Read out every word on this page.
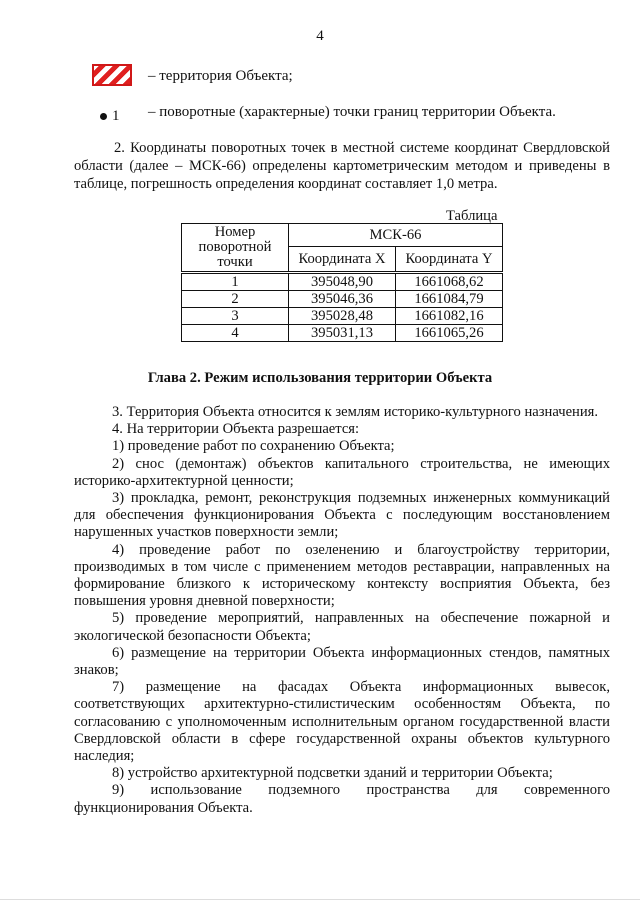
4
– территория Объекта;
1 – поворотные (характерные) точки границ территории Объекта.
2. Координаты поворотных точек в местной системе координат Свердловской области (далее – МСК-66) определены картометрическим методом и приведены в таблице, погрешность определения координат составляет 1,0 метра.
Таблица
Номер поворотной точки	МСК-66	
	Координата X	Координата Y
1	395048,90	1661068,62
2	395046,36	1661084,79
3	395028,48	1661082,16
4	395031,13	1661065,26
Глава 2. Режим использования территории Объекта

3. Территория Объекта относится к землям историко-культурного назначения.

4. На территории Объекта разрешается:

1) проведение работ по сохранению Объекта;

2) снос (демонтаж) объектов капитального строительства, не имеющих историко-архитектурной ценности;

3) прокладка, ремонт, реконструкция подземных инженерных коммуникаций для обеспечения функционирования Объекта с последующим восстановлением нарушенных участков поверхности земли;

4) проведение работ по озеленению и благоустройству территории, производимых в том числе с применением методов реставрации, направленных на формирование близкого к историческому контексту восприятия Объекта, без повышения уровня дневной поверхности;

5) проведение мероприятий, направленных на обеспечение пожарной и экологической безопасности Объекта;

6) размещение на территории Объекта информационных стендов, памятных знаков;

7) размещение на фасадах Объекта информационных вывесок, соответствующих архитектурно-стилистическим особенностям Объекта, по согласованию с уполномоченным исполнительным органом государственной власти Свердловской области в сфере государственной охраны объектов культурного наследия;

8) устройство архитектурной подсветки зданий и территории Объекта;

9) использование подземного пространства для современного функционирования Объекта.
